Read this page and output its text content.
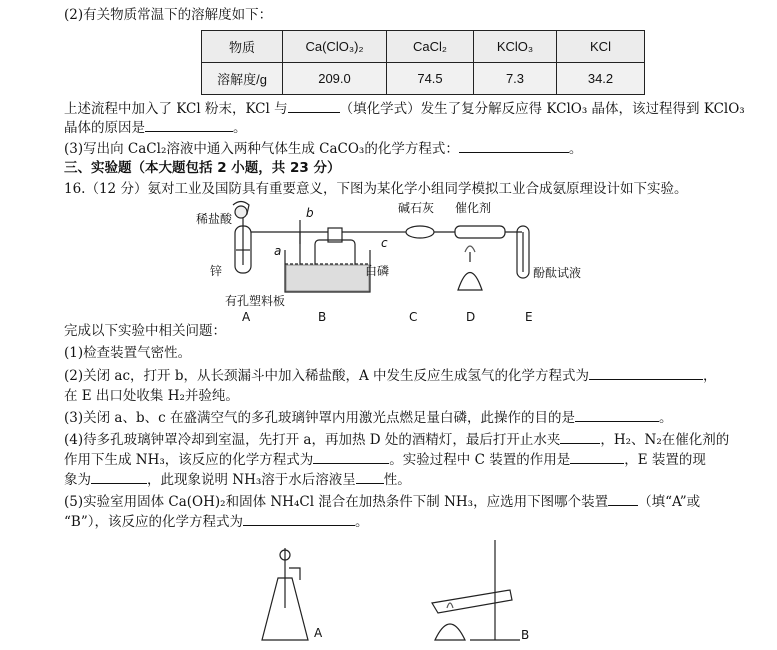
(2)有关物质常温下的溶解度如下：
物质	Ca(ClO₃)₂	CaCl₂	KClO₃	KCl
溶解度/g	209.0	74.5	7.3	34.2
上述流程中加入了 KCl 粉末，KCl 与	（填化学式）发生了复分解反应得 KClO₃ 晶体，该过程得到 KClO₃
晶体的原因是	。
(3)写出向 CaCl₂溶液中通入两种气体生成 CaCO₃的化学方程式：	。
三、实验题（本大题包括 2 小题，共 23 分）
16.（12 分）氨对工业及国防具有重要意义，下图为某化学小组同学模拟工业合成氨原理设计如下实验。
稀盐酸
锌
有孔塑料板
b
a
c
白磷
碱石灰 催化剂
酚酞试液
A	B	C	D	E
完成以下实验中相关问题：
(1)检查装置气密性。
(2)关闭 ac，打开 b，从长颈漏斗中加入稀盐酸，A 中发生反应生成氢气的化学方程式为	，
在 E 出口处收集 H₂并验纯。
(3)关闭 a、b、c 在盛满空气的多孔玻璃钟罩内用激光点燃足量白磷，此操作的目的是	。
(4)待多孔玻璃钟罩冷却到室温，先打开 a，再加热 D 处的酒精灯，最后打开止水夹	，H₂、N₂在催化剂的
作用下生成 NH₃，该反应的化学方程式为	。实验过程中 C 装置的作用是	，E 装置的现
象为	，此现象说明 NH₃溶于水后溶液呈 性。
(5)实验室用固体 Ca(OH)₂和固体 NH₄Cl 混合在加热条件下制 NH₃，应选用下图哪个装置 （填“A”或
“B”），该反应的化学方程式为	。
A	B
